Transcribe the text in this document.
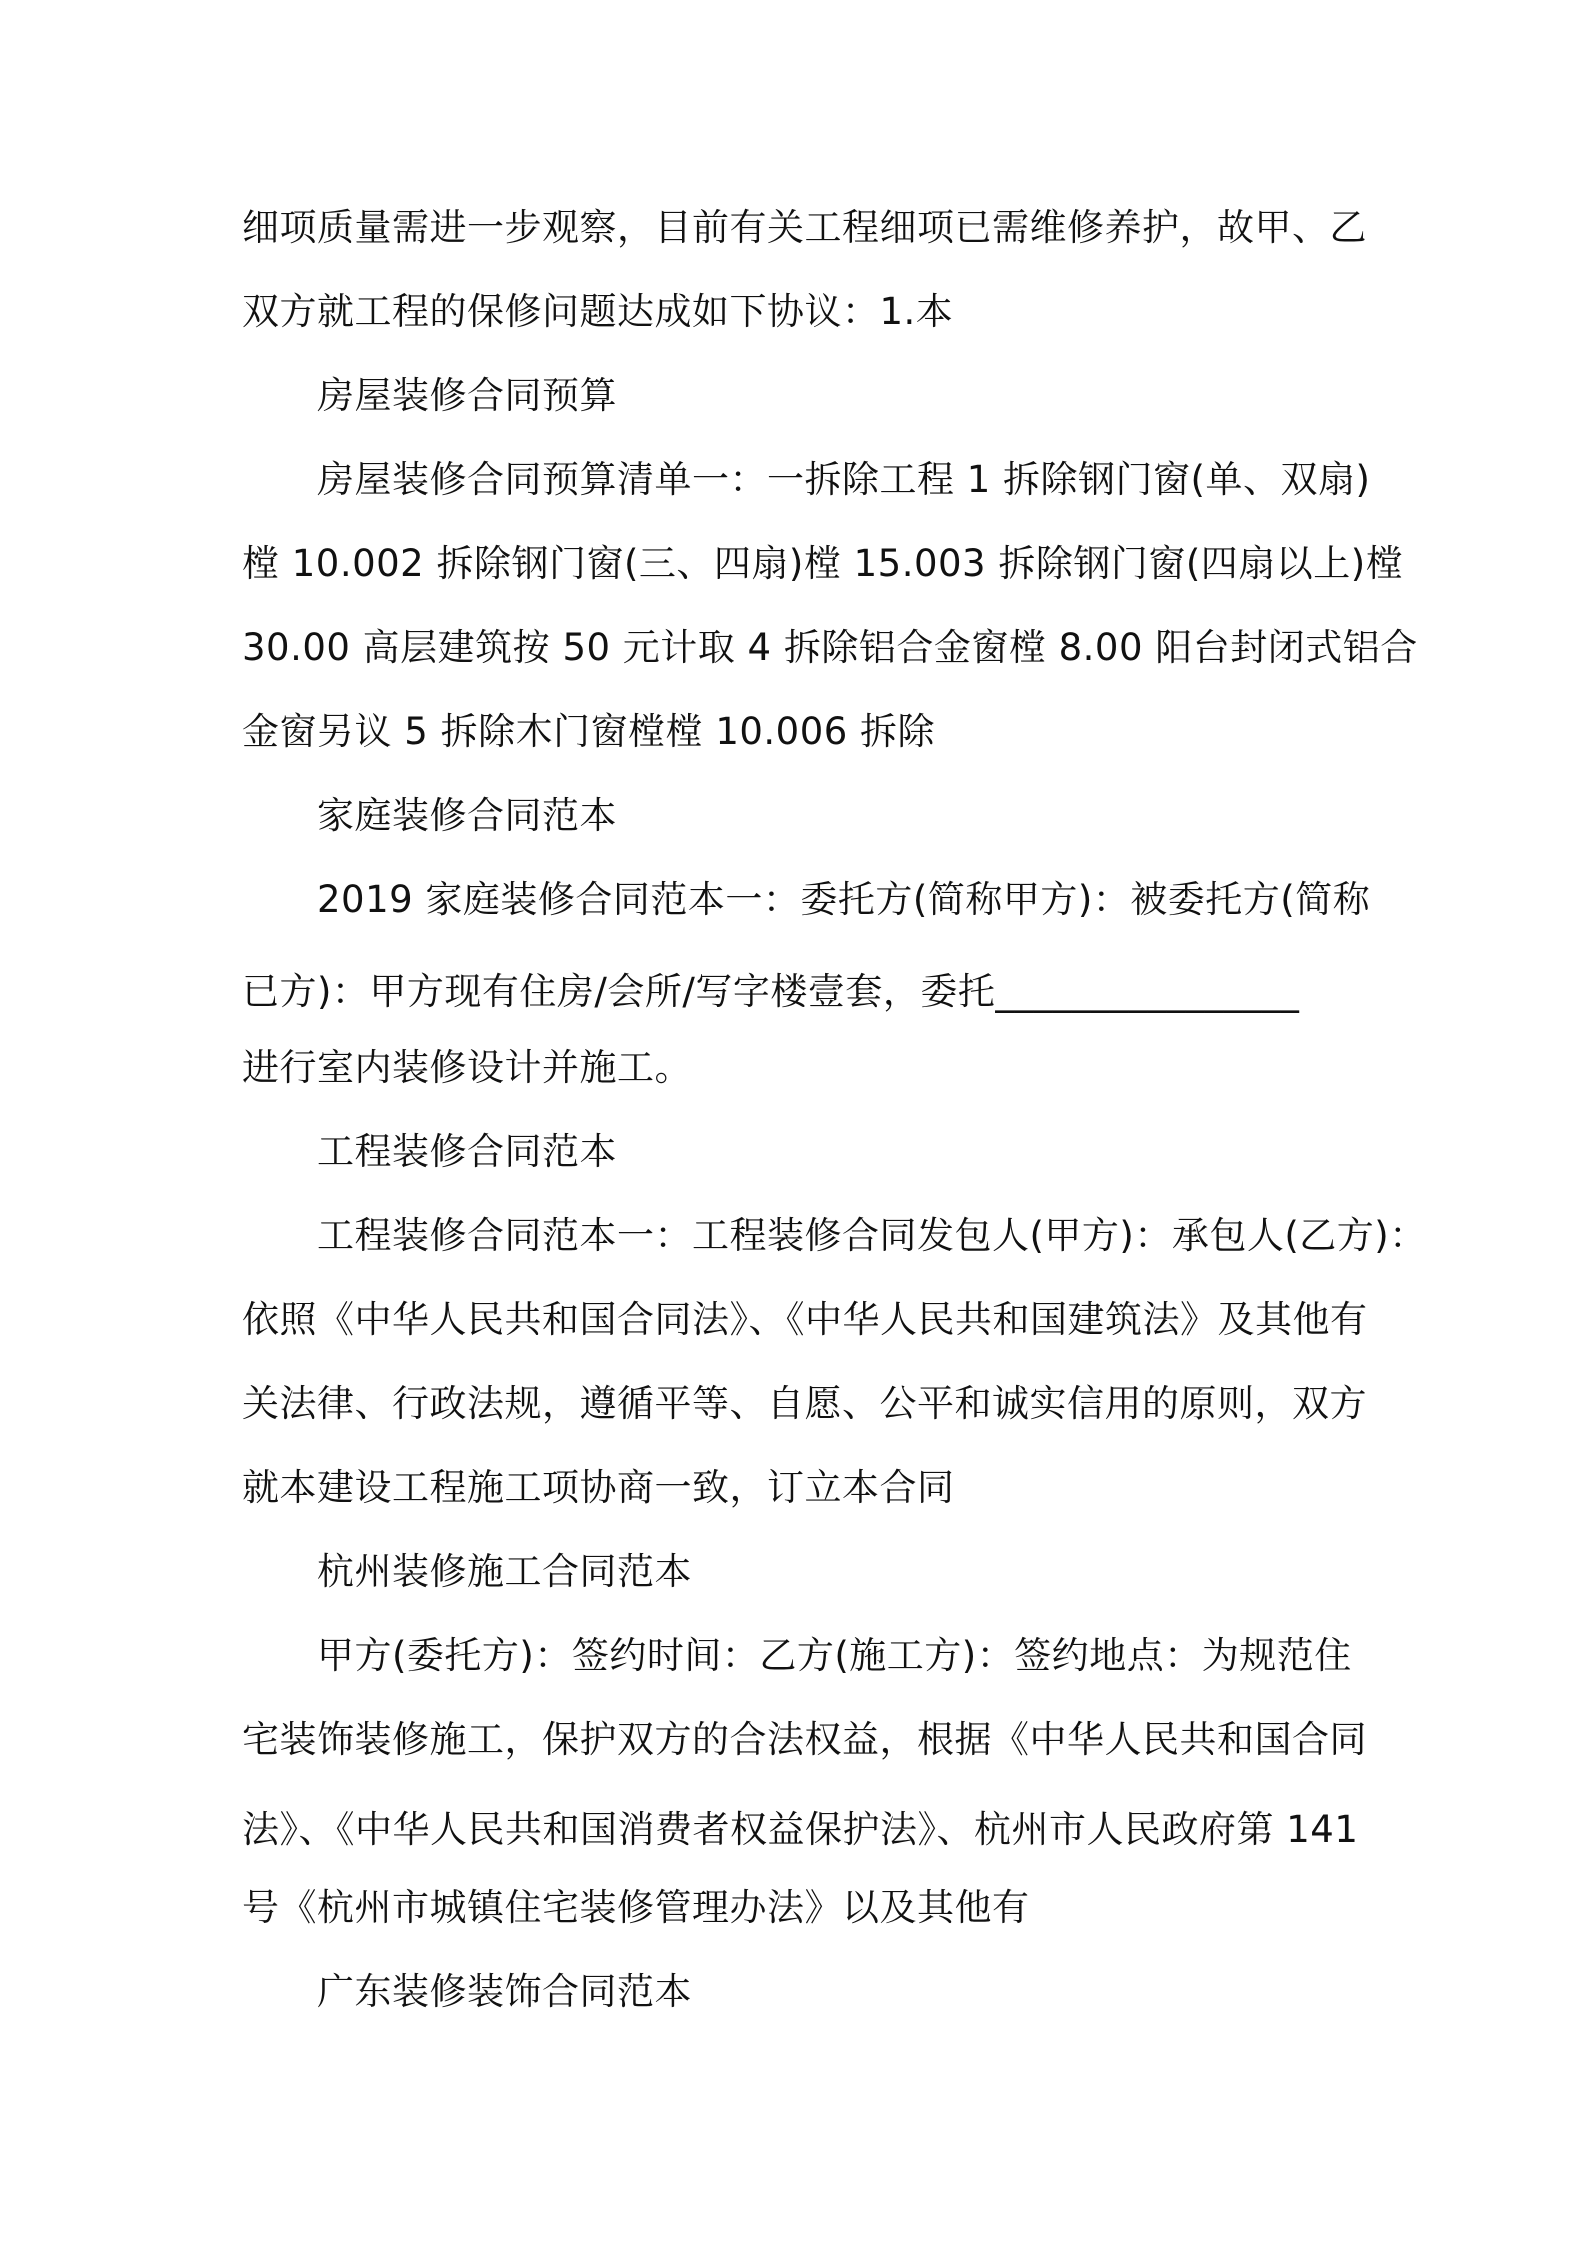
细项质量需进一步观察，目前有关工程细项已需维修养护，故甲、乙
双方就工程的保修问题达成如下协议：1.本
房屋装修合同预算
房屋装修合同预算清单一：一拆除工程 1 拆除钢门窗(单、双扇)
樘 10.002 拆除钢门窗(三、四扇)樘 15.003 拆除钢门窗(四扇以上)樘
30.00 高层建筑按 50 元计取 4 拆除铝合金窗樘 8.00 阳台封闭式铝合
金窗另议 5 拆除木门窗樘樘 10.006 拆除
家庭装修合同范本
2019 家庭装修合同范本一：委托方(简称甲方)：被委托方(简称
已方)：甲方现有住房/会所/写字楼壹套，委托________________
进行室内装修设计并施工。
工程装修合同范本
工程装修合同范本一：工程装修合同发包人(甲方)：承包人(乙方)：
依照《中华人民共和国合同法》、《中华人民共和国建筑法》及其他有
关法律、行政法规，遵循平等、自愿、公平和诚实信用的原则，双方
就本建设工程施工项协商一致，订立本合同
杭州装修施工合同范本
甲方(委托方)：签约时间：乙方(施工方)：签约地点：为规范住
宅装饰装修施工，保护双方的合法权益，根据《中华人民共和国合同
法》、《中华人民共和国消费者权益保护法》、杭州市人民政府第 141
号《杭州市城镇住宅装修管理办法》以及其他有
广东装修装饰合同范本
